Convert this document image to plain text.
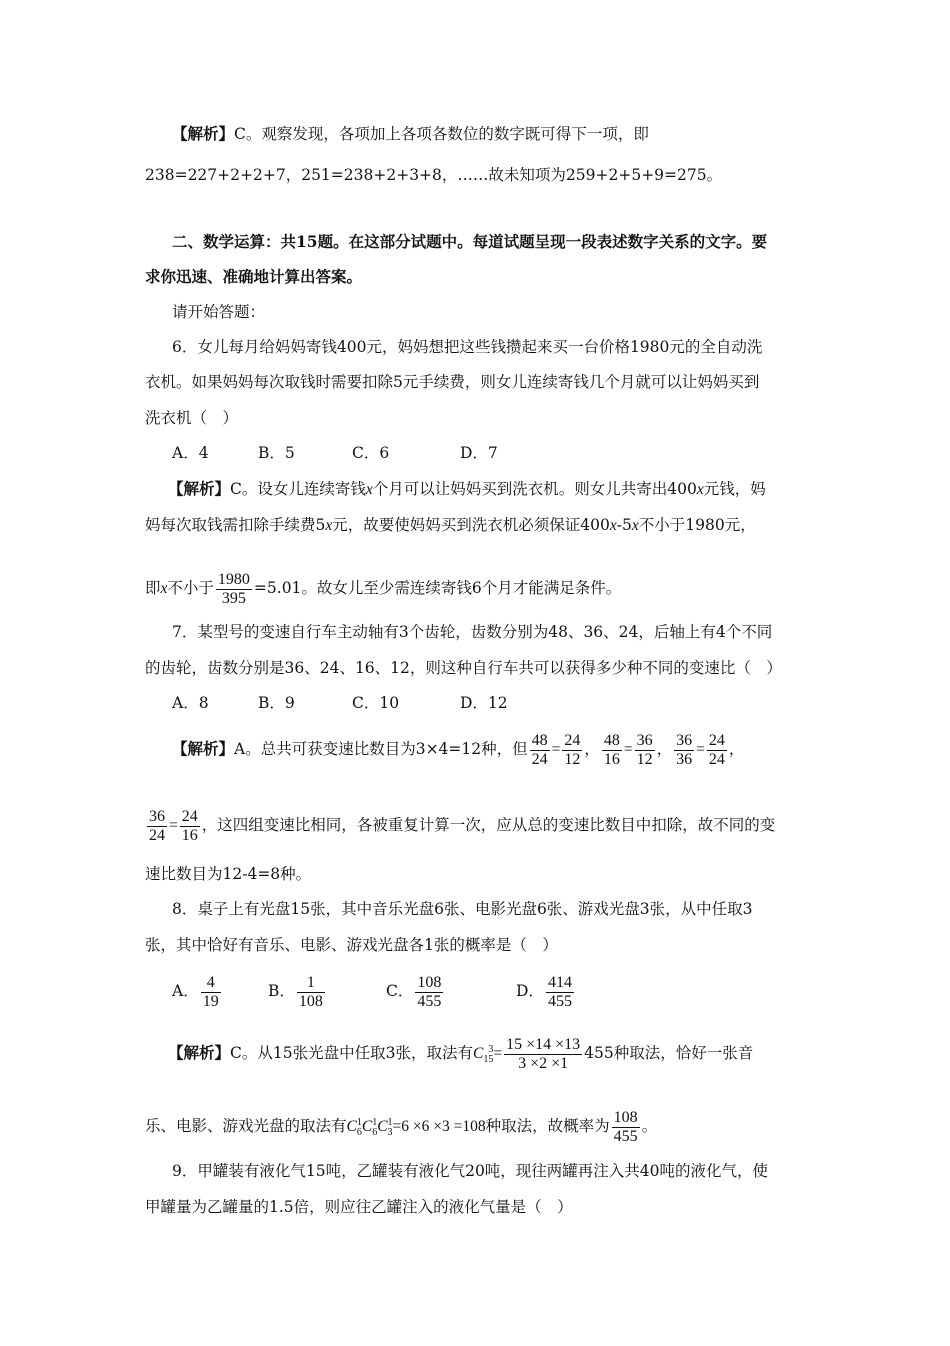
【解析】C。观察发现，各项加上各项各数位的数字既可得下一项，即
238=227+2+2+7，251=238+2+3+8，……故未知项为259+2+5+9=275。
二、数学运算：共15题。在这部分试题中。每道试题呈现一段表述数字关系的文字。要
求你迅速、准确地计算出答案。
请开始答题：
6．女儿每月给妈妈寄钱400元，妈妈想把这些钱攒起来买一台价格1980元的全自动洗
衣机。如果妈妈每次取钱时需要扣除5元手续费，则女儿连续寄钱几个月就可以让妈妈买到
洗衣机（　）
A．4	B．5	C．6	D．7
【解析】C。设女儿连续寄钱x个月可以让妈妈买到洗衣机。则女儿共寄出400x元钱，妈
妈每次取钱需扣除手续费5x元，故要使妈妈买到洗衣机必须保证400x-5x不小于1980元，
即x不小于 $\frac{1980}{395} =5.01$。故女儿至少需连续寄钱6个月才能满足条件。
7．某型号的变速自行车主动轴有3个齿轮，齿数分别为48、36、24，后轴上有4个不同
的齿轮，齿数分别是36、24、16、12，则这种自行车共可以获得多少种不同的变速比（　）
A．8	B．9	C．10	D．12
【解析】A。总共可获变速比数目为3×4=12种，但 $\frac{48}{24} = \frac{24}{12}$ ， $\frac{48}{16} = \frac{36}{12}$ ， $\frac{36}{36} = \frac{24}{24}$ ，
$\frac{36}{24} = \frac{24}{16}$ ，这四组变速比相同，各被重复计算一次，应从总的变速比数目中扣除，故不同的变
速比数目为12-4=8种。
8．桌子上有光盘15张，其中音乐光盘6张、电影光盘6张、游戏光盘3张，从中任取3
张，其中恰好有音乐、电影、游戏光盘各1张的概率是（　）
A． $\frac{4}{19}$	B． $\frac{1}{108}$	C． $\frac{108}{455}$	D． $\frac{414}{455}$
【解析】C。从15张光盘中任取3张，取法有$C_{15}^3= \frac{15 \times 14 \times 13}{3 \times 2 \times 1} 455$种取法，恰好一张音
乐、电影、游戏光盘的取法有$C_6^1C_6^1C_3^1=6 \times 6 \times 3 =108$种取法，故概率为 $\frac{108}{455}$ 。
9．甲罐装有液化气15吨，乙罐装有液化气20吨，现往两罐再注入共40吨的液化气，使
甲罐量为乙罐量的1.5倍，则应往乙罐注入的液化气量是（　）
